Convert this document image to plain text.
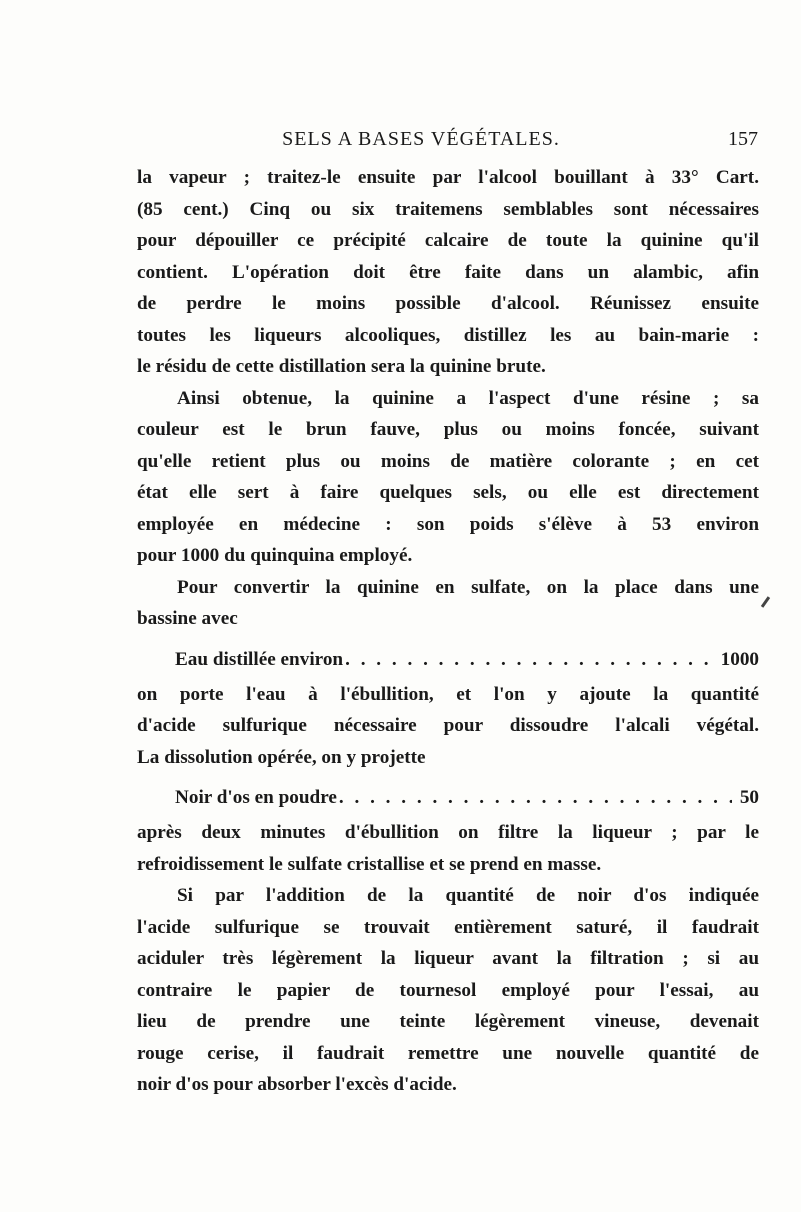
SELS A BASES VÉGÉTALES.	157
la vapeur ; traitez-le ensuite par l'alcool bouillant à 33° Cart.
(85 cent.) Cinq ou six traitemens semblables sont nécessaires
pour dépouiller ce précipité calcaire de toute la quinine qu'il
contient. L'opération doit être faite dans un alambic, afin
de perdre le moins possible d'alcool. Réunissez ensuite
toutes les liqueurs alcooliques, distillez les au bain-marie :
le résidu de cette distillation sera la quinine brute.
Ainsi obtenue, la quinine a l'aspect d'une résine ; sa
couleur est le brun fauve, plus ou moins foncée, suivant
qu'elle retient plus ou moins de matière colorante ; en cet
état elle sert à faire quelques sels, ou elle est directement
employée en médecine : son poids s'élève à 53 environ
pour 1000 du quinquina employé.
Pour convertir la quinine en sulfate, on la place dans une
bassine avec
Eau distillée environ . . .	1000
on porte l'eau à l'ébullition, et l'on y ajoute la quantité
d'acide sulfurique nécessaire pour dissoudre l'alcali végétal.
La dissolution opérée, on y projette
Noir d'os en poudre . . .	50
après deux minutes d'ébullition on filtre la liqueur ; par le
refroidissement le sulfate cristallise et se prend en masse.
Si par l'addition de la quantité de noir d'os indiquée
l'acide sulfurique se trouvait entièrement saturé, il faudrait
aciduler très légèrement la liqueur avant la filtration ; si au
contraire le papier de tournesol employé pour l'essai, au
lieu de prendre une teinte légèrement vineuse, devenait
rouge cerise, il faudrait remettre une nouvelle quantité de
noir d'os pour absorber l'excès d'acide.
